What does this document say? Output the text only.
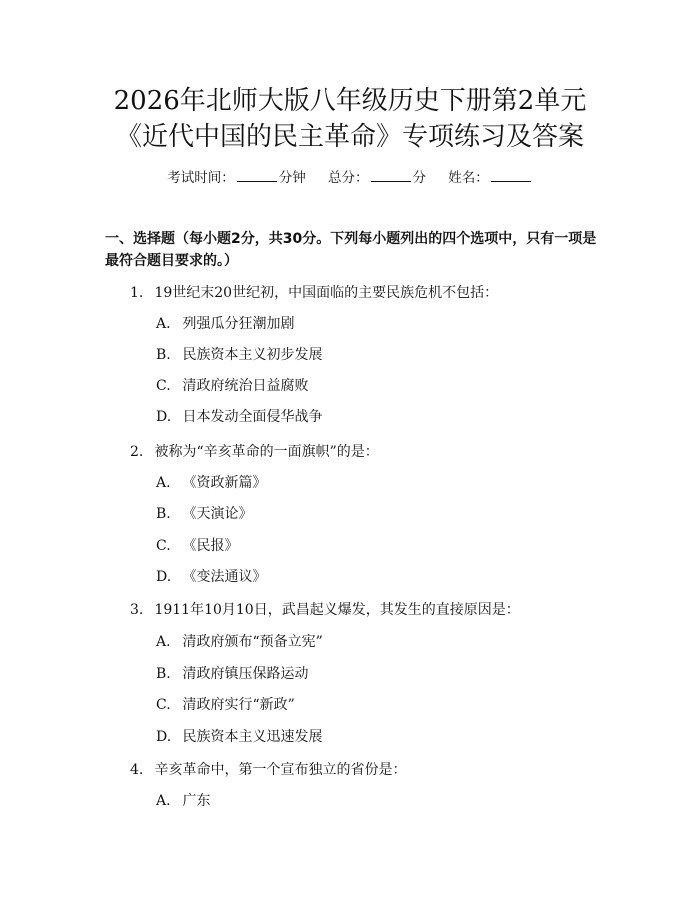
2026年北师大版八年级历史下册第2单元
《近代中国的民主革命》专项练习及答案
考试时间：	分钟 总分：	分 姓名：
一、选择题（每小题2分，共30分。下列每小题列出的四个选项中，只有一项是最符合题目要求的。）
1. 19世纪末20世纪初，中国面临的主要民族危机不包括：
A. 列强瓜分狂潮加剧
B. 民族资本主义初步发展
C. 清政府统治日益腐败
D. 日本发动全面侵华战争
2. 被称为“辛亥革命的一面旗帜”的是：
A. 《资政新篇》
B. 《天演论》
C. 《民报》
D. 《变法通议》
3. 1911年10月10日，武昌起义爆发，其发生的直接原因是：
A. 清政府颁布“预备立宪”
B. 清政府镇压保路运动
C. 清政府实行“新政”
D. 民族资本主义迅速发展
4. 辛亥革命中，第一个宣布独立的省份是：
A. 广东
